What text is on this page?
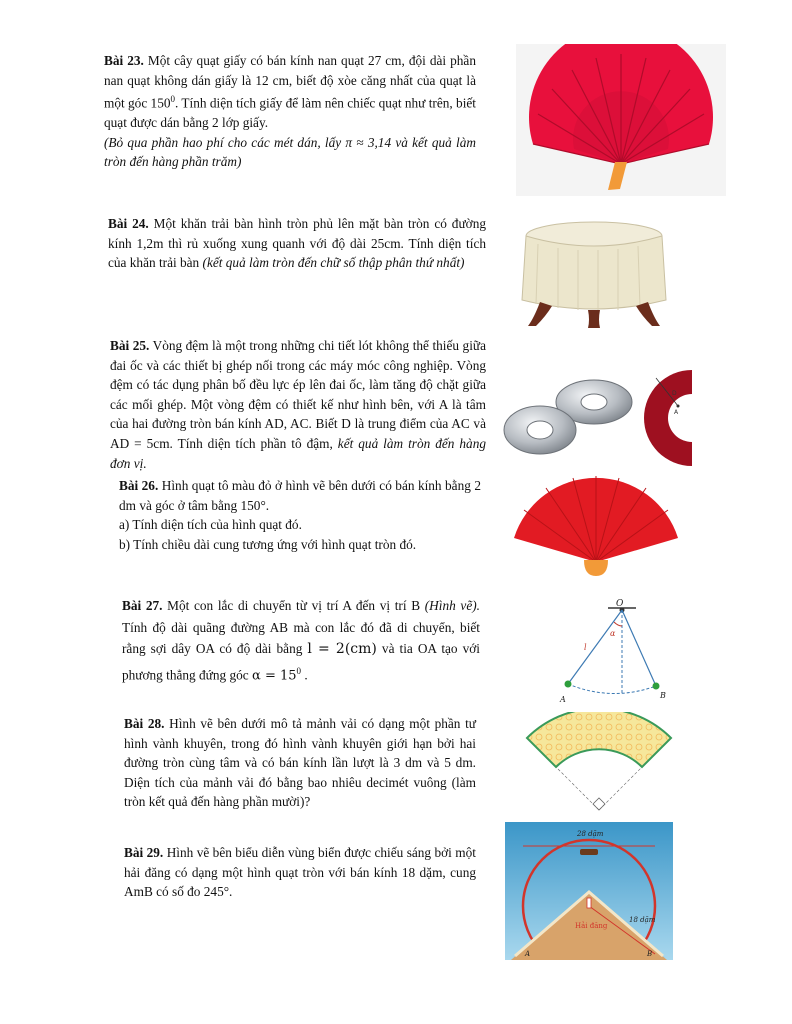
Bài 23. Một cây quạt giấy có bán kính nan quạt 27 cm, đội dài phần nan quạt không dán giấy là 12 cm, biết độ xòe căng nhất của quạt là một góc $150^0$. Tính diện tích giấy để làm nên chiếc quạt như trên, biết quạt được dán bằng 2 lớp giấy.
(Bỏ qua phần hao phí cho các mét dán, lấy π ≈ 3,14 và kết quả làm tròn đến hàng phần trăm)
Bài 24. Một khăn trải bàn hình tròn phủ lên mặt bàn tròn có đường kính 1,2m thì rủ xuống xung quanh với độ dài 25cm. Tính diện tích của khăn trải bàn (kết quả làm tròn đến chữ số thập phân thứ nhất)
Bài 25. Vòng đệm là một trong những chi tiết lót không thể thiếu giữa đai ốc và các thiết bị ghép nối trong các máy móc công nghiệp. Vòng đệm có tác dụng phân bố đều lực ép lên đai ốc, làm tăng độ chặt giữa các mối ghép. Một vòng đệm có thiết kế như hình bên, với A là tâm của hai đường tròn bán kính AD, AC. Biết D là trung điểm của AC và AD = 5cm. Tính diện tích phần tô đậm, kết quả làm tròn đến hàng đơn vị.
C
D
A
Bài 26. Hình quạt tô màu đỏ ở hình vẽ bên dưới có bán kính bằng 2 dm và góc ở tâm bằng 150°.
a) Tính diện tích của hình quạt đó.
b) Tính chiều dài cung tương ứng với hình quạt tròn đó.
Bài 27. Một con lắc di chuyển từ vị trí A đến vị trí B (Hình vẽ). Tính độ dài quãng đường AB mà con lắc đó đã di chuyển, biết rằng sợi dây OA có độ dài bằng l = 2(cm) và tia OA tạo với phương thẳng đứng góc $\alpha = 15^0$ .
O
α
l
A	B
Bài 28. Hình vẽ bên dưới mô tả mảnh vải có dạng một phần tư hình vành khuyên, trong đó hình vành khuyên giới hạn bởi hai đường tròn cùng tâm và có bán kính lần lượt là 3 dm và 5 dm. Diện tích của mảnh vải đó bằng bao nhiêu decimét vuông (làm tròn kết quả đến hàng phần mười)?
Bài 29. Hình vẽ bên biểu diễn vùng biển được chiếu sáng bởi một hải đăng có dạng một hình quạt tròn với bán kính 18 dặm, cung AmB có số đo 245°.
28 dặm
18 dặm
Hải đăng
A	B
